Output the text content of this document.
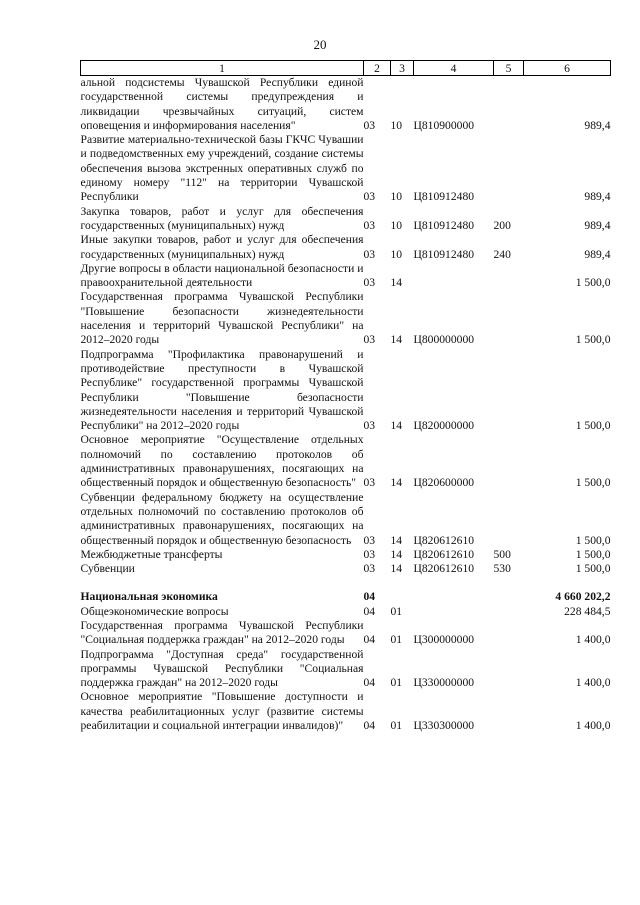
20
1	2	3	4	5	6
альной подсистемы Чувашской Республики единой государственной системы предупреждения и ликвидации чрезвычайных ситуаций, систем оповещения и информирования населения"	03	10	Ц810900000		989,4
Развитие материально-технической базы ГКЧС Чувашии и подведомственных ему учреждений, создание системы обеспечения вызова экстренных оперативных служб по единому номеру "112" на территории Чувашской Республики	03	10	Ц810912480		989,4
Закупка товаров, работ и услуг для обеспечения государственных (муниципальных) нужд	03	10	Ц810912480	200	989,4
Иные закупки товаров, работ и услуг для обеспечения государственных (муниципальных) нужд	03	10	Ц810912480	240	989,4
Другие вопросы в области национальной безопасности и правоохранительной деятельности	03	14			1 500,0
Государственная программа Чувашской Республики "Повышение безопасности жизнедеятельности населения и территорий Чувашской Республики" на 2012–2020 годы	03	14	Ц800000000		1 500,0
Подпрограмма "Профилактика правонарушений и противодействие преступности в Чувашской Республике" государственной программы Чувашской Республики "Повышение безопасности жизнедеятельности населения и территорий Чувашской Республики" на 2012–2020 годы	03	14	Ц820000000		1 500,0
Основное мероприятие "Осуществление отдельных полномочий по составлению протоколов об административных правонарушениях, посягающих на общественный порядок и общественную безопасность"	03	14	Ц820600000		1 500,0
Субвенции федеральному бюджету на осуществление отдельных полномочий по составлению протоколов об административных правонарушениях, посягающих на общественный порядок и общественную безопасность	03	14	Ц820612610		1 500,0
Межбюджетные трансферты	03	14	Ц820612610	500	1 500,0
Субвенции	03	14	Ц820612610	530	1 500,0

Национальная экономика	04				4 660 202,2
Общеэкономические вопросы	04	01			228 484,5
Государственная программа Чувашской Республики "Социальная поддержка граждан" на 2012–2020 годы	04	01	Ц300000000		1 400,0
Подпрограмма "Доступная среда" государственной программы Чувашской Республики "Социальная поддержка граждан" на 2012–2020 годы	04	01	Ц330000000		1 400,0
Основное мероприятие "Повышение доступности и качества реабилитационных услуг (развитие системы реабилитации и социальной интеграции инвалидов)"	04	01	Ц330300000		1 400,0
